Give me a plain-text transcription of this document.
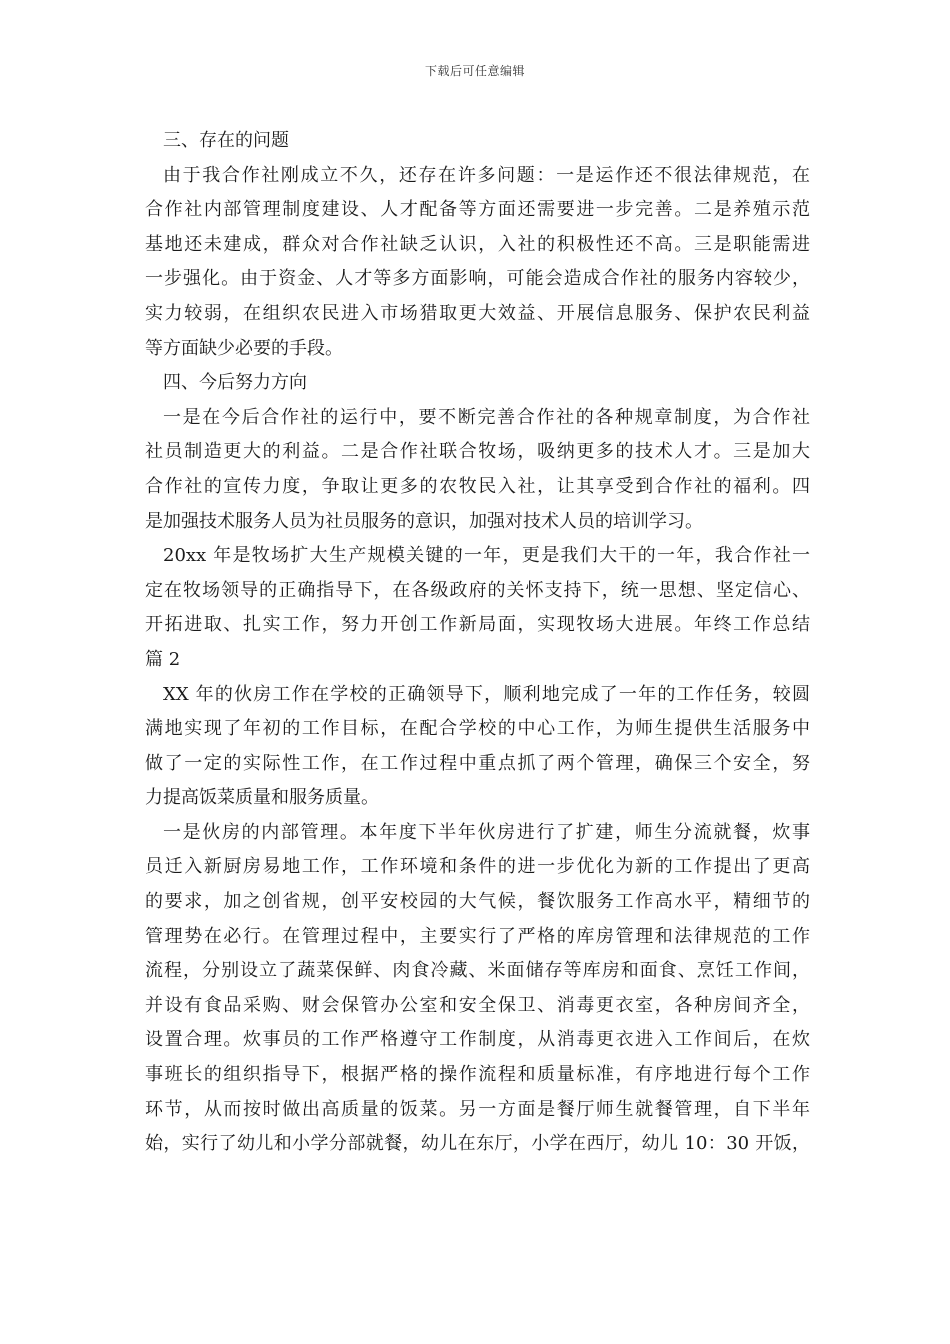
下载后可任意编辑
三、存在的问题
由于我合作社刚成立不久，还存在许多问题：一是运作还不很法律规范，在
合作社内部管理制度建设、人才配备等方面还需要进一步完善。二是养殖示范
基地还未建成，群众对合作社缺乏认识，入社的积极性还不高。三是职能需进
一步强化。由于资金、人才等多方面影响，可能会造成合作社的服务内容较少，
实力较弱，在组织农民进入市场猎取更大效益、开展信息服务、保护农民利益
等方面缺少必要的手段。
四、今后努力方向
一是在今后合作社的运行中，要不断完善合作社的各种规章制度，为合作社
社员制造更大的利益。二是合作社联合牧场，吸纳更多的技术人才。三是加大
合作社的宣传力度，争取让更多的农牧民入社，让其享受到合作社的福利。四
是加强技术服务人员为社员服务的意识，加强对技术人员的培训学习。
20xx 年是牧场扩大生产规模关键的一年，更是我们大干的一年，我合作社一
定在牧场领导的正确指导下，在各级政府的关怀支持下，统一思想、坚定信心、
开拓进取、扎实工作，努力开创工作新局面，实现牧场大进展。年终工作总结
篇 2
XX 年的伙房工作在学校的正确领导下，顺利地完成了一年的工作任务，较圆
满地实现了年初的工作目标，在配合学校的中心工作，为师生提供生活服务中
做了一定的实际性工作，在工作过程中重点抓了两个管理，确保三个安全，努
力提高饭菜质量和服务质量。
一是伙房的内部管理。本年度下半年伙房进行了扩建，师生分流就餐，炊事
员迁入新厨房易地工作，工作环境和条件的进一步优化为新的工作提出了更高
的要求，加之创省规，创平安校园的大气候，餐饮服务工作高水平，精细节的
管理势在必行。在管理过程中，主要实行了严格的库房管理和法律规范的工作
流程，分别设立了蔬菜保鲜、肉食冷藏、米面储存等库房和面食、烹饪工作间，
并设有食品采购、财会保管办公室和安全保卫、消毒更衣室，各种房间齐全，
设置合理。炊事员的工作严格遵守工作制度，从消毒更衣进入工作间后，在炊
事班长的组织指导下，根据严格的操作流程和质量标准，有序地进行每个工作
环节，从而按时做出高质量的饭菜。另一方面是餐厅师生就餐管理，自下半年
始，实行了幼儿和小学分部就餐，幼儿在东厅，小学在西厅，幼儿 10：30 开饭，
